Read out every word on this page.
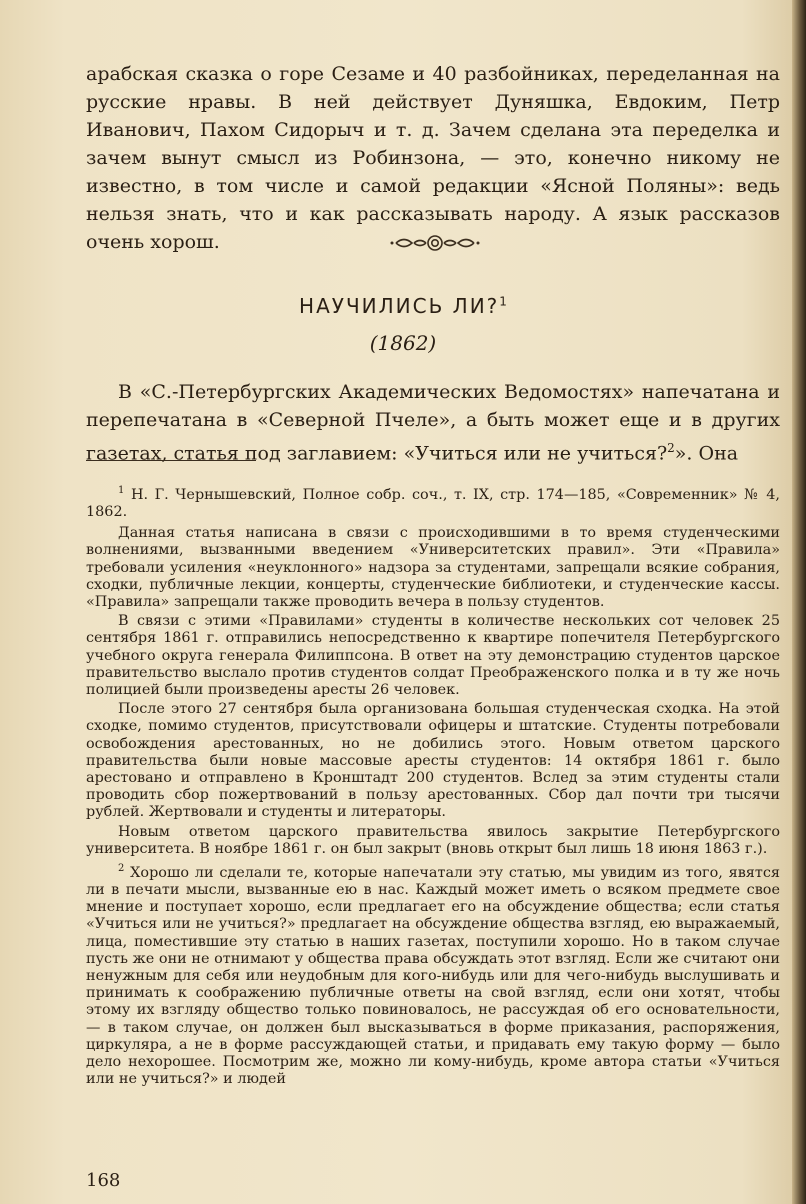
арабская сказка о горе Сезаме и 40 разбойниках, переделанная на русские нравы. В ней действует Дуняшка, Евдоким, Петр Иванович, Пахом Сидорыч и т. д. Зачем сделана эта переделка и зачем вынут смысл из Робинзона, — это, конечно никому не известно, в том числе и самой редакции «Ясной Поляны»: ведь нельзя знать, что и как рассказывать народу. А язык рассказов очень хорош.

НАУЧИЛИСЬ ЛИ?$^1$
(1862)

В «С.-Петербургских Академических Ведомостях» напечатана и перепечатана в «Северной Пчеле», а быть может еще и в других газетах, статья под заглавием: «Учиться или не учиться?$^2$». Она

$^1$ Н. Г. Чернышевский, Полное собр. соч., т. IX, стр. 174—185, «Современник» № 4, 1862.

Данная статья написана в связи с происходившими в то время студенческими волнениями, вызванными введением «Университетских правил». Эти «Правила» требовали усиления «неуклонного» надзора за студентами, запрещали всякие собрания, сходки, публичные лекции, концерты, студенческие библиотеки, и студенческие кассы. «Правила» запрещали также проводить вечера в пользу студентов.

В связи с этими «Правилами» студенты в количестве нескольких сот человек 25 сентября 1861 г. отправились непосредственно к квартире попечителя Петербургского учебного округа генерала Филиппсона. В ответ на эту демонстрацию студентов царское правительство выслало против студентов солдат Преображенского полка и в ту же ночь полицией были произведены аресты 26 человек.

После этого 27 сентября была организована большая студенческая сходка. На этой сходке, помимо студентов, присутствовали офицеры и штатские. Студенты потребовали освобождения арестованных, но не добились этого. Новым ответом царского правительства были новые массовые аресты студентов: 14 октября 1861 г. было арестовано и отправлено в Кронштадт 200 студентов. Вслед за этим студенты стали проводить сбор пожертвований в пользу арестованных. Сбор дал почти три тысячи рублей. Жертвовали и студенты и литераторы.

Новым ответом царского правительства явилось закрытие Петербургского университета. В ноябре 1861 г. он был закрыт (вновь открыт был лишь 18 июня 1863 г.).

$^2$ Хорошо ли сделали те, которые напечатали эту статью, мы увидим из того, явятся ли в печати мысли, вызванные ею в нас. Каждый может иметь о всяком предмете свое мнение и поступает хорошо, если предлагает его на обсуждение общества; если статья «Учиться или не учиться?» предлагает на обсуждение общества взгляд, ею выражаемый, лица, поместившие эту статью в наших газетах, поступили хорошо. Но в таком случае пусть же они не отнимают у общества права обсуждать этот взгляд. Если же считают они ненужным для себя или неудобным для кого-нибудь или для чего-нибудь выслушивать и принимать к соображению публичные ответы на свой взгляд, если они хотят, чтобы этому их взгляду общество только повиновалось, не рассуждая об его основательности, — в таком случае, он должен был высказываться в форме приказания, распоряжения, циркуляра, а не в форме рассуждающей статьи, и придавать ему такую форму — было дело нехорошее. Посмотрим же, можно ли кому-нибудь, кроме автора статьи «Учиться или не учиться?» и людей

168
